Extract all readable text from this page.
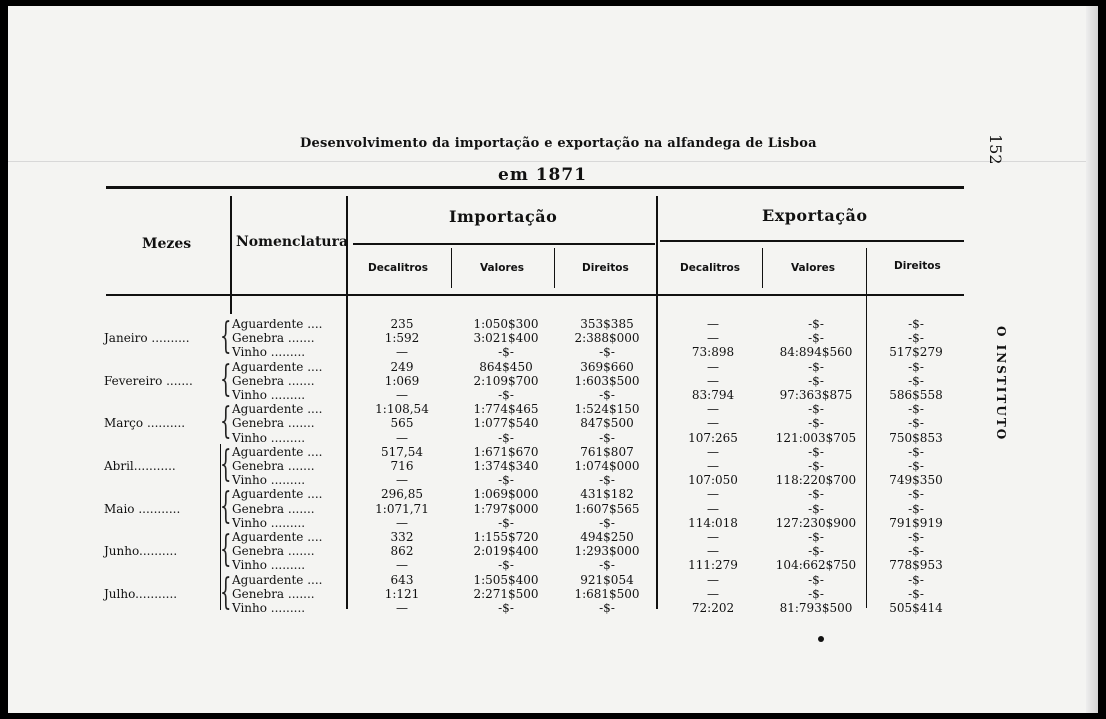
Desenvolvimento da importação e exportação na alfandega de Lisboa
em 1871
152
O INSTITUTO
Mezes	Nomenclatura
Importação	Exportação
Decalitros	Valores	Direitos	Decalitros	Valores	Direitos
Janeiro .......... { Aguardente ....	235	1:050$300	353$385	—	-$-	-$-
Genebra .......	1:592	3:021$400	2:388$000	—	-$-	-$-
Vinho .........	—	-$-	-$-	73:898	84:894$560	517$279
Fevereiro ....... { Aguardente ....	249	864$450	369$660	—	-$-	-$-
Genebra .......	1:069	2:109$700	1:603$500	—	-$-	-$-
Vinho .........	—	-$-	-$-	83:794	97:363$875	586$558
Março .......... { Aguardente ....	1:108,54	1:774$465	1:524$150	—	-$-	-$-
Genebra .......	565	1:077$540	847$500	—	-$-	-$-
Vinho .........	—	-$-	-$-	107:265	121:003$705	750$853
Abril........... { Aguardente ....	517,54	1:671$670	761$807	—	-$-	-$-
Genebra .......	716	1:374$340	1:074$000	—	-$-	-$-
Vinho .........	—	-$-	-$-	107:050	118:220$700	749$350
Maio ........... { Aguardente ....	296,85	1:069$000	431$182	—	-$-	-$-
Genebra .......	1:071,71	1:797$000	1:607$565	—	-$-	-$-
Vinho .........	—	-$-	-$-	114:018	127:230$900	791$919
Junho.......... { Aguardente ....	332	1:155$720	494$250	—	-$-	-$-
Genebra .......	862	2:019$400	1:293$000	—	-$-	-$-
Vinho .........	—	-$-	-$-	111:279	104:662$750	778$953
Julho........... { Aguardente ....	643	1:505$400	921$054	—	-$-	-$-
Genebra .......	1:121	2:271$500	1:681$500	—	-$-	-$-
Vinho .........	—	-$-	-$-	72:202	81:793$500	505$414
